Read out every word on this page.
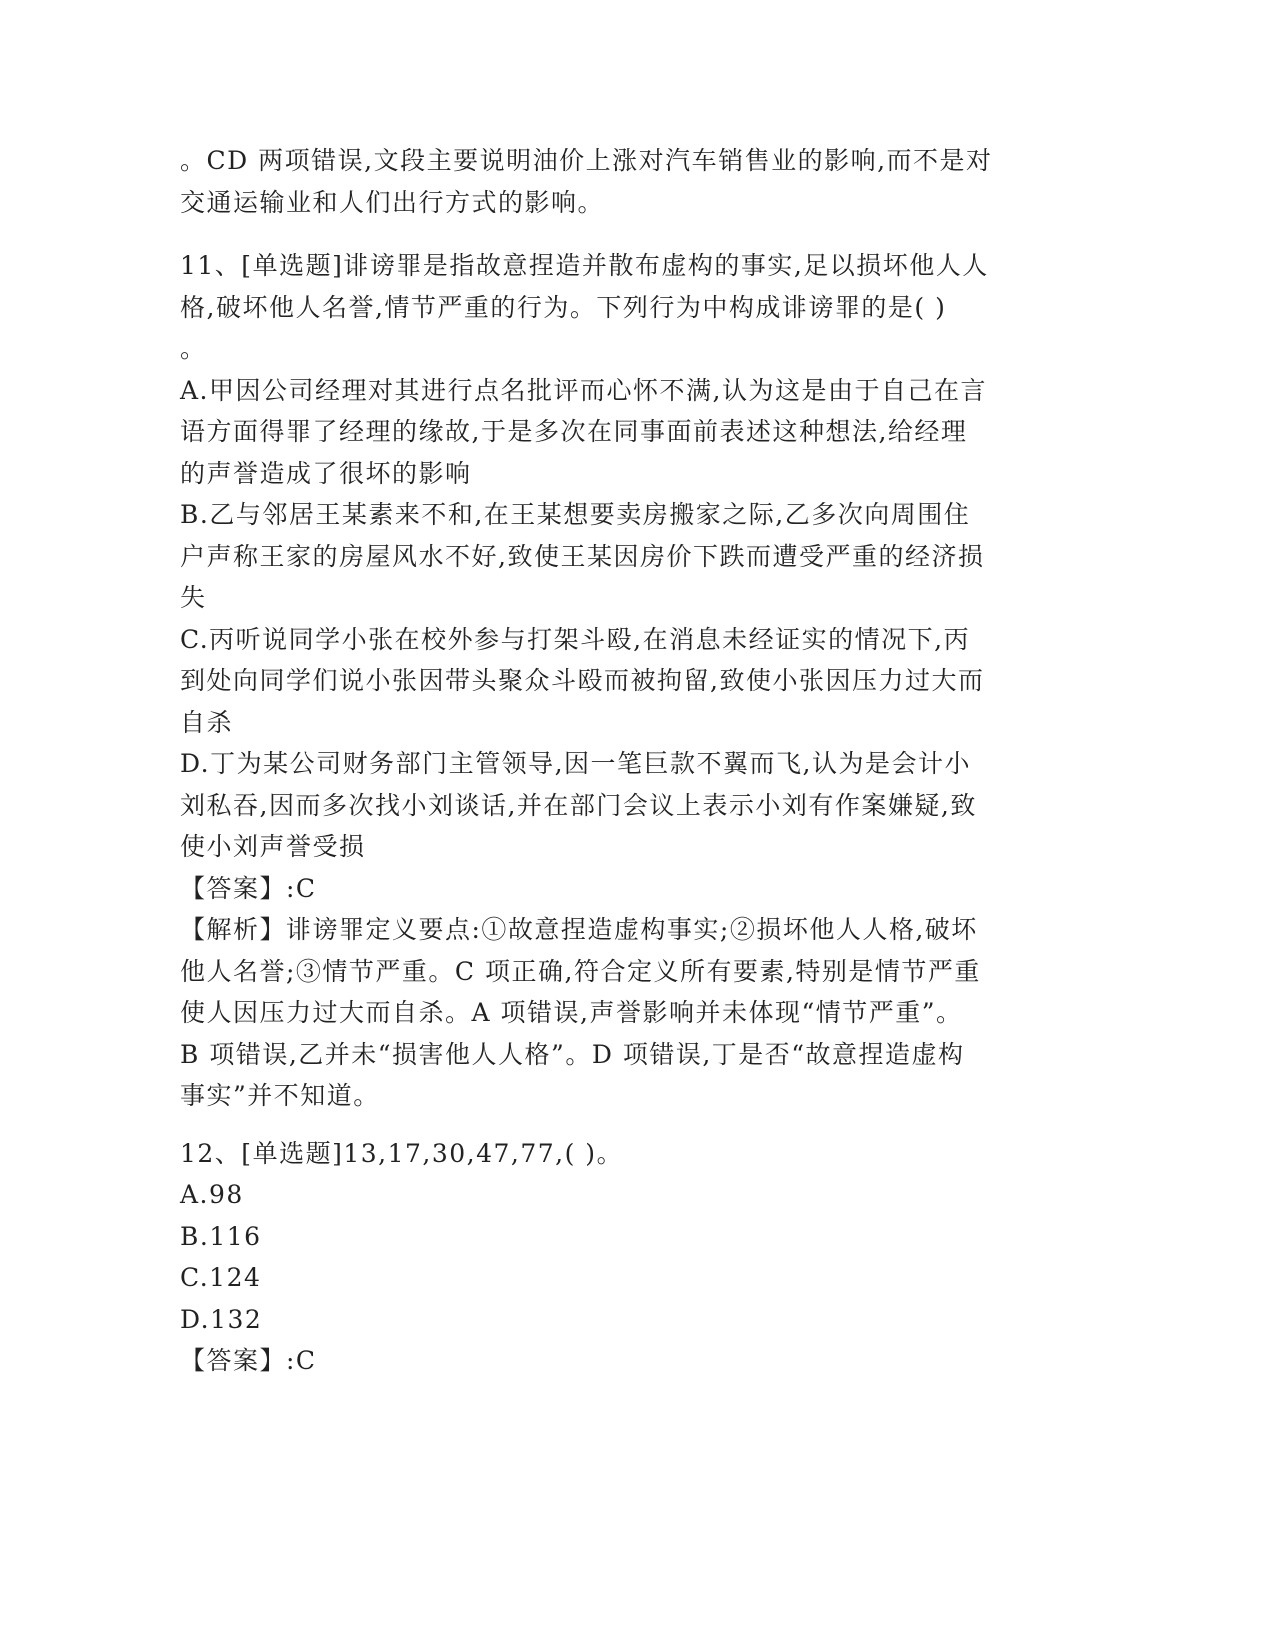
。CD 两项错误,文段主要说明油价上涨对汽车销售业的影响,而不是对
交通运输业和人们出行方式的影响。
11、[单选题]诽谤罪是指故意捏造并散布虚构的事实,足以损坏他人人
格,破坏他人名誉,情节严重的行为。下列行为中构成诽谤罪的是( )
。
A.甲因公司经理对其进行点名批评而心怀不满,认为这是由于自己在言
语方面得罪了经理的缘故,于是多次在同事面前表述这种想法,给经理
的声誉造成了很坏的影响
B.乙与邻居王某素来不和,在王某想要卖房搬家之际,乙多次向周围住
户声称王家的房屋风水不好,致使王某因房价下跌而遭受严重的经济损
失
C.丙听说同学小张在校外参与打架斗殴,在消息未经证实的情况下,丙
到处向同学们说小张因带头聚众斗殴而被拘留,致使小张因压力过大而
自杀
D.丁为某公司财务部门主管领导,因一笔巨款不翼而飞,认为是会计小
刘私吞,因而多次找小刘谈话,并在部门会议上表示小刘有作案嫌疑,致
使小刘声誉受损
【答案】:C
【解析】诽谤罪定义要点:①故意捏造虚构事实;②损坏他人人格,破坏
他人名誉;③情节严重。C 项正确,符合定义所有要素,特别是情节严重
使人因压力过大而自杀。A 项错误,声誉影响并未体现“情节严重”。
B 项错误,乙并未“损害他人人格”。D 项错误,丁是否“故意捏造虚构
事实”并不知道。
12、[单选题]13,17,30,47,77,( )。
A.98
B.116
C.124
D.132
【答案】:C
